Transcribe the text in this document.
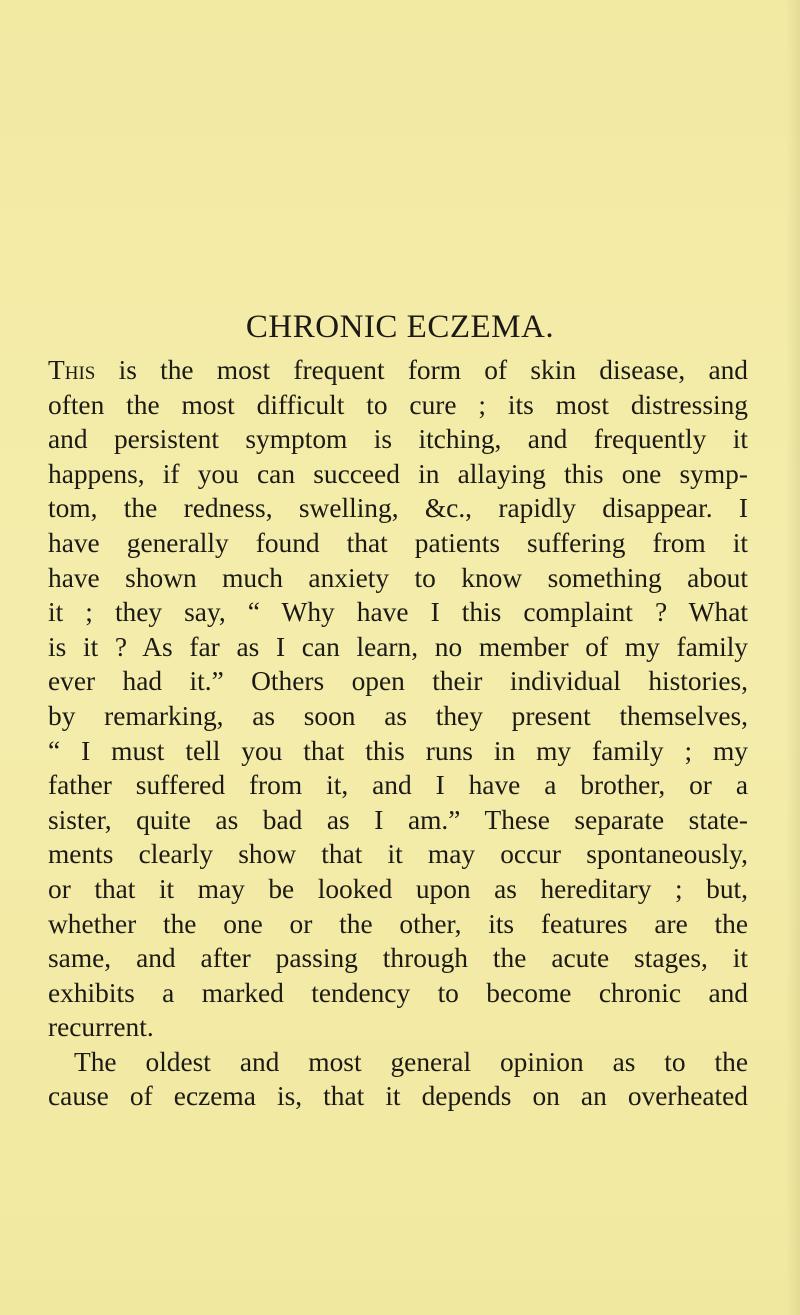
CHRONIC ECZEMA.
This is the most frequent form of skin disease, and
often the most difficult to cure ; its most distressing
and persistent symptom is itching, and frequently it
happens, if you can succeed in allaying this one symp-
tom, the redness, swelling, &c., rapidly disappear. I
have generally found that patients suffering from it
have shown much anxiety to know something about
it ; they say, “ Why have I this complaint ? What
is it ? As far as I can learn, no member of my family
ever had it.” Others open their individual histories,
by remarking, as soon as they present themselves,
“ I must tell you that this runs in my family ; my
father suffered from it, and I have a brother, or a
sister, quite as bad as I am.” These separate state-
ments clearly show that it may occur spontaneously,
or that it may be looked upon as hereditary ; but,
whether the one or the other, its features are the
same, and after passing through the acute stages, it
exhibits a marked tendency to become chronic and
recurrent.
The oldest and most general opinion as to the
cause of eczema is, that it depends on an overheated
